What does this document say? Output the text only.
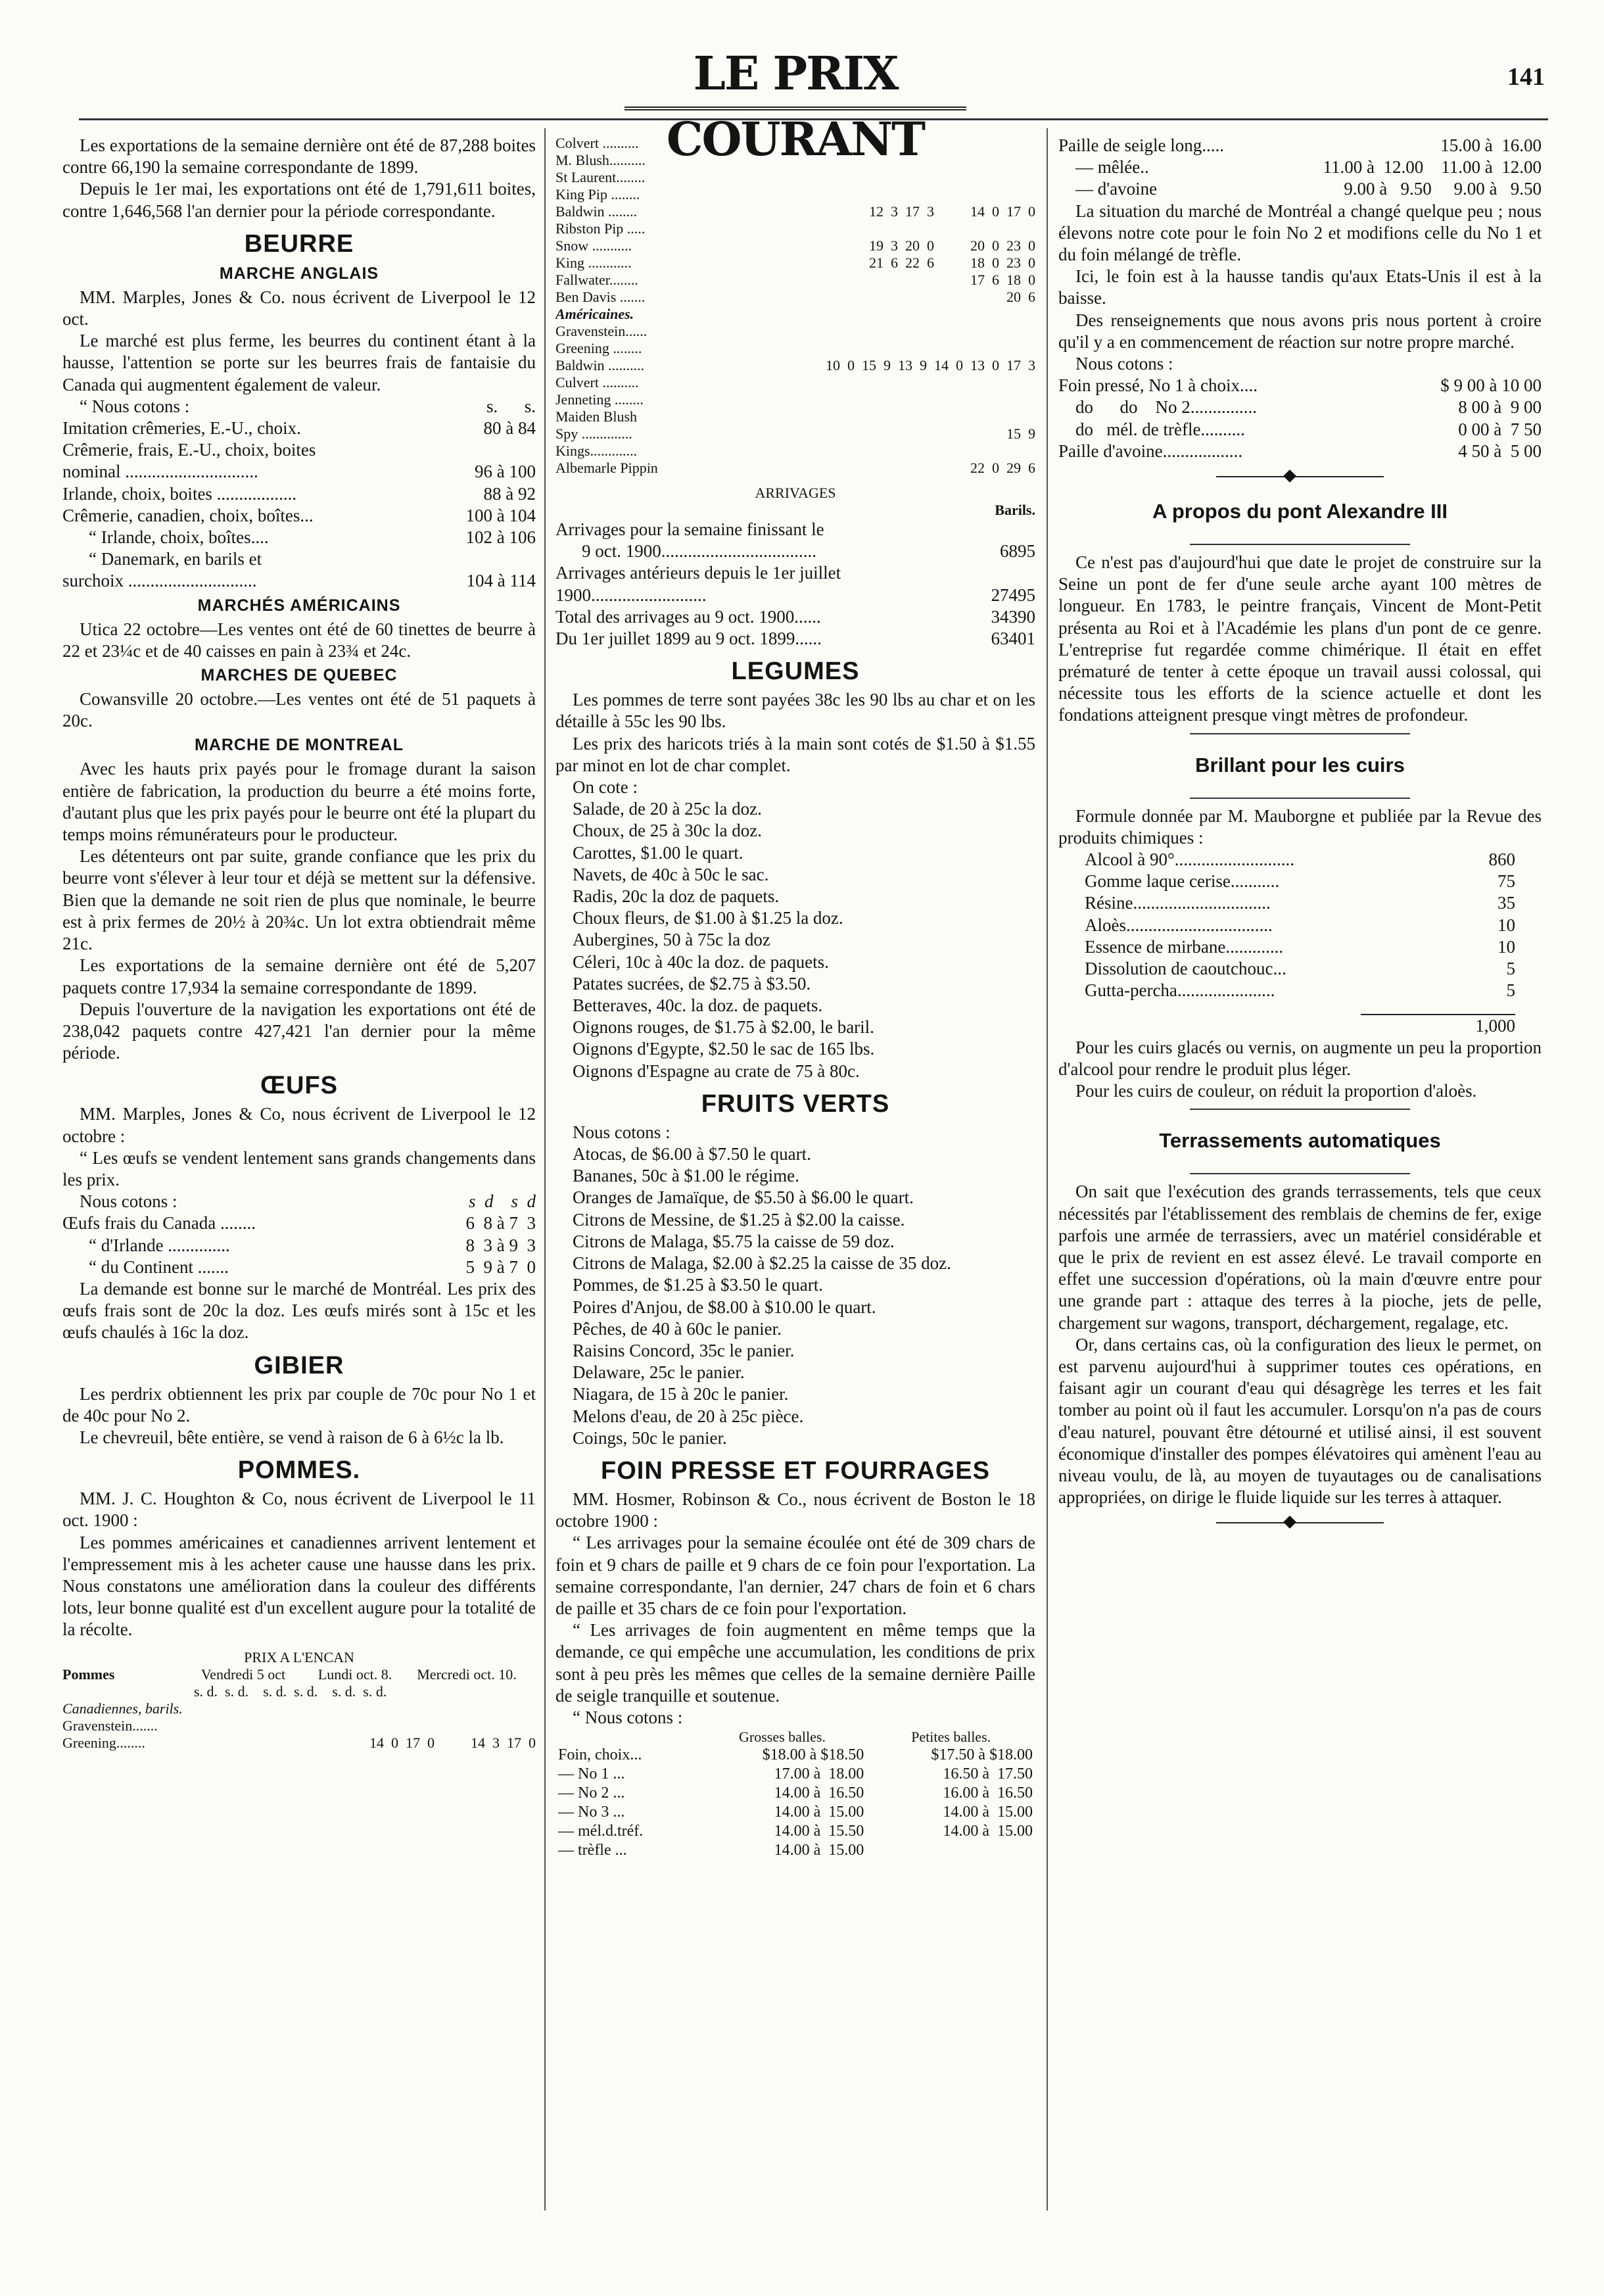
LE PRIX COURANT
141

Les exportations de la semaine dernière ont été de 87,288 boites contre 66,190 la semaine correspondante de 1899.

Depuis le 1er mai, les exportations ont été de 1,791,611 boites, contre 1,646,568 l'an dernier pour la période correspondante.

BEURRE
MARCHE ANGLAIS

MM. Marples, Jones & Co. nous écrivent de Liverpool le 12 oct.

Le marché est plus ferme, les beurres du continent étant à la hausse, l'attention se porte sur les beurres frais de fantaisie du Canada qui augmentent également de valeur.

“ Nous cotons :	s.      s.
Imitation crêmeries, E.-U., choix.	80 à 84
Crêmerie, frais, E.-U., choix, boites
nominal ..............................	96 à 100
Irlande, choix, boites ..................	88 à 92
Crêmerie, canadien, choix, boîtes...	100 à 104
“ Irlande, choix, boîtes....	102 à 106
“ Danemark, en barils et
surchoix .............................	104 à 114
MARCHÉS AMÉRICAINS

Utica 22 octobre—Les ventes ont été de 60 tinettes de beurre à 22 et 23¼c et de 40 caisses en pain à 23¾ et 24c.

MARCHES DE QUEBEC

Cowansville 20 octobre.—Les ventes ont été de 51 paquets à 20c.

MARCHE DE MONTREAL

Avec les hauts prix payés pour le fromage durant la saison entière de fabrication, la production du beurre a été moins forte, d'autant plus que les prix payés pour le beurre ont été la plupart du temps moins rémunérateurs pour le producteur.

Les détenteurs ont par suite, grande confiance que les prix du beurre vont s'élever à leur tour et déjà se mettent sur la défensive. Bien que la demande ne soit rien de plus que nominale, le beurre est à prix fermes de 20½ à 20¾c. Un lot extra obtiendrait même 21c.

Les exportations de la semaine dernière ont été de 5,207 paquets contre 17,934 la semaine correspondante de 1899.

Depuis l'ouverture de la navigation les exportations ont été de 238,042 paquets contre 427,421 l'an dernier pour la même période.

ŒUFS

MM. Marples, Jones & Co, nous écrivent de Liverpool le 12 octobre :

“ Les œufs se vendent lentement sans grands changements dans les prix.

Nous cotons :	s  d    s  d
Œufs frais du Canada ........	6  8 à 7  3
“ d'Irlande ..............	8  3 à 9  3
“ du Continent .......	5  9 à 7  0

La demande est bonne sur le marché de Montréal. Les prix des œufs frais sont de 20c la doz. Les œufs mirés sont à 15c et les œufs chaulés à 16c la doz.

GIBIER

Les perdrix obtiennent les prix par couple de 70c pour No 1 et de 40c pour No 2.

Le chevreuil, bête entière, se vend à raison de 6 à 6½c la lb.

POMMES.

MM. J. C. Houghton & Co, nous écrivent de Liverpool le 11 oct. 1900 :

Les pommes américaines et canadiennes arrivent lentement et l'empressement mis à les acheter cause une hausse dans les prix. Nous constatons une amélioration dans la couleur des différents lots, leur bonne qualité est d'un excellent augure pour la totalité de la récolte.

PRIX A L'ENCAN
Pommes	Vendredi 5 oct	Lundi oct. 8.	Mercredi oct. 10.
s. d.  s. d.    s. d.  s. d.    s. d.  s. d.
Canadiennes, barils.
Gravenstein.......
Greening........	14  0  17  0          14  3  17  0
Colvert ..........
M. Blush..........
St Laurent........
King Pip ........
Baldwin ........	12  3  17  3          14  0  17  0
Ribston Pip .....
Snow ...........	19  3  20  0          20  0  23  0
King ............	21  6  22  6          18  0  23  0
Fallwater........	17  6  18  0
Ben Davis .......	20  6
Américaines.
Gravenstein......
Greening ........
Baldwin ..........	10  0  15  9  13  9  14  0  13  0  17  3
Culvert ..........
Jenneting ........
Maiden Blush
Spy ..............	15  9
Kings.............
Albemarle Pippin	22  0  29  6
ARRIVAGES
Barils.
Arrivages pour la semaine finissant le
9 oct. 1900...................................	6895
Arrivages antérieurs depuis le 1er juillet 1900..........................	27495
Total des arrivages au 9 oct. 1900......	34390
Du 1er juillet 1899 au 9 oct. 1899......	63401
LEGUMES

Les pommes de terre sont payées 38c les 90 lbs au char et on les détaille à 55c les 90 lbs.

Les prix des haricots triés à la main sont cotés de $1.50 à $1.55 par minot en lot de char complet.

On cote :

Salade, de 20 à 25c la doz.

Choux, de 25 à 30c la doz.

Carottes, $1.00 le quart.

Navets, de 40c à 50c le sac.

Radis, 20c la doz de paquets.

Choux fleurs, de $1.00 à $1.25 la doz.

Aubergines, 50 à 75c la doz

Céleri, 10c à 40c la doz. de paquets.

Patates sucrées, de $2.75 à $3.50.

Betteraves, 40c. la doz. de paquets.

Oignons rouges, de $1.75 à $2.00, le baril.

Oignons d'Egypte, $2.50 le sac de 165 lbs.

Oignons d'Espagne au crate de 75 à 80c.

FRUITS VERTS

Nous cotons :

Atocas, de $6.00 à $7.50 le quart.

Bananes, 50c à $1.00 le régime.

Oranges de Jamaïque, de $5.50 à $6.00 le quart.

Citrons de Messine, de $1.25 à $2.00 la caisse.

Citrons de Malaga, $5.75 la caisse de 59 doz.

Citrons de Malaga, $2.00 à $2.25 la caisse de 35 doz.

Pommes, de $1.25 à $3.50 le quart.

Poires d'Anjou, de $8.00 à $10.00 le quart.

Pêches, de 40 à 60c le panier.

Raisins Concord, 35c le panier.

Delaware, 25c le panier.

Niagara, de 15 à 20c le panier.

Melons d'eau, de 20 à 25c pièce.

Coings, 50c le panier.

FOIN PRESSE ET FOURRAGES

MM. Hosmer, Robinson & Co., nous écrivent de Boston le 18 octobre 1900 :

“ Les arrivages pour la semaine écoulée ont été de 309 chars de foin et 9 chars de paille et 9 chars de ce foin pour l'exportation. La semaine correspondante, l'an dernier, 247 chars de foin et 6 chars de paille et 35 chars de ce foin pour l'exportation.

“ Les arrivages de foin augmentent en même temps que la demande, ce qui empêche une accumulation, les conditions de prix sont à peu près les mêmes que celles de la semaine dernière Paille de seigle tranquille et soutenue.

“ Nous cotons :

	Grosses balles.	Petites balles.
Foin, choix...	$18.00 à $18.50	$17.50 à $18.00
— No 1 ...	17.00 à  18.00	16.50 à  17.50
— No 2 ...	14.00 à  16.50	16.00 à  16.50
— No 3 ...	14.00 à  15.00	14.00 à  15.00
— mél.d.tréf.	14.00 à  15.50	14.00 à  15.00
— trèfle ...	14.00 à  15.00	
Paille de seigle long.....	15.00 à  16.00
— mêlée..	11.00 à  12.00    11.00 à  12.00
— d'avoine	9.00 à   9.50     9.00 à   9.50

La situation du marché de Montréal a changé quelque peu ; nous élevons notre cote pour le foin No 2 et modifions celle du No 1 et du foin mélangé de trèfle.

Ici, le foin est à la hausse tandis qu'aux Etats-Unis il est à la baisse.

Des renseignements que nous avons pris nous portent à croire qu'il y a en commencement de réaction sur notre propre marché.

Nous cotons :

Foin pressé, No 1 à choix....	$ 9 00 à 10 00
do      do    No 2...............	8 00 à  9 00
do   mél. de trèfle..........	0 00 à  7 50
Paille d'avoine..................	4 50 à  5 00
A propos du pont Alexandre III

Ce n'est pas d'aujourd'hui que date le projet de construire sur la Seine un pont de fer d'une seule arche ayant 100 mètres de longueur. En 1783, le peintre français, Vincent de Mont-Petit présenta au Roi et à l'Académie les plans d'un pont de ce genre. L'entreprise fut regardée comme chimérique. Il était en effet prématuré de tenter à cette époque un travail aussi colossal, qui nécessite tous les efforts de la science actuelle et dont les fondations atteignent presque vingt mètres de profondeur.

Brillant pour les cuirs

Formule donnée par M. Mauborgne et publiée par la Revue des produits chimiques :

Alcool à 90°...........................	860
Gomme laque cerise...........	75
Résine...............................	35
Aloès.................................	10
Essence de mirbane.............	10
Dissolution de caoutchouc...	5
Gutta-percha......................	5
1,000

Pour les cuirs glacés ou vernis, on augmente un peu la proportion d'alcool pour rendre le produit plus léger.

Pour les cuirs de couleur, on réduit la proportion d'aloès.

Terrassements automatiques

On sait que l'exécution des grands terrassements, tels que ceux nécessités par l'établissement des remblais de chemins de fer, exige parfois une armée de terrassiers, avec un matériel considérable et que le prix de revient en est assez élevé. Le travail comporte en effet une succession d'opérations, où la main d'œuvre entre pour une grande part : attaque des terres à la pioche, jets de pelle, chargement sur wagons, transport, déchargement, regalage, etc.

Or, dans certains cas, où la configuration des lieux le permet, on est parvenu aujourd'hui à supprimer toutes ces opérations, en faisant agir un courant d'eau qui désagrège les terres et les fait tomber au point où il faut les accumuler. Lorsqu'on n'a pas de cours d'eau naturel, pouvant être détourné et utilisé ainsi, il est souvent économique d'installer des pompes élévatoires qui amènent l'eau au niveau voulu, de là, au moyen de tuyautages ou de canalisations appropriées, on dirige le fluide liquide sur les terres à attaquer.
